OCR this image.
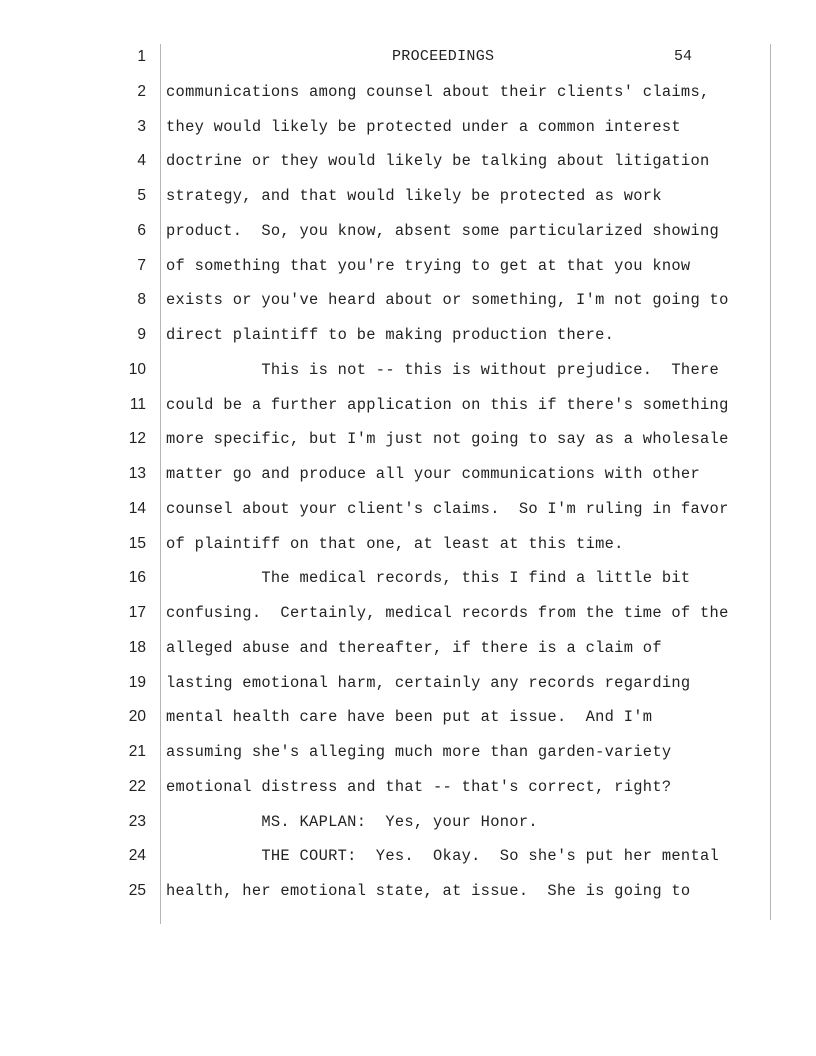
1	PROCEEDINGS	54
2 communications among counsel about their clients' claims,
3 they would likely be protected under a common interest
4 doctrine or they would likely be talking about litigation
5 strategy, and that would likely be protected as work
6 product.  So, you know, absent some particularized showing
7 of something that you're trying to get at that you know
8 exists or you've heard about or something, I'm not going to
9 direct plaintiff to be making production there.
10 This is not -- this is without prejudice.  There
11 could be a further application on this if there's something
12 more specific, but I'm just not going to say as a wholesale
13 matter go and produce all your communications with other
14 counsel about your client's claims.  So I'm ruling in favor
15 of plaintiff on that one, at least at this time.
16 The medical records, this I find a little bit
17 confusing.  Certainly, medical records from the time of the
18 alleged abuse and thereafter, if there is a claim of
19 lasting emotional harm, certainly any records regarding
20 mental health care have been put at issue.  And I'm
21 assuming she's alleging much more than garden-variety
22 emotional distress and that -- that's correct, right?
23 MS. KAPLAN:  Yes, your Honor.
24 THE COURT:  Yes.  Okay.  So she's put her mental
25 health, her emotional state, at issue.  She is going to
